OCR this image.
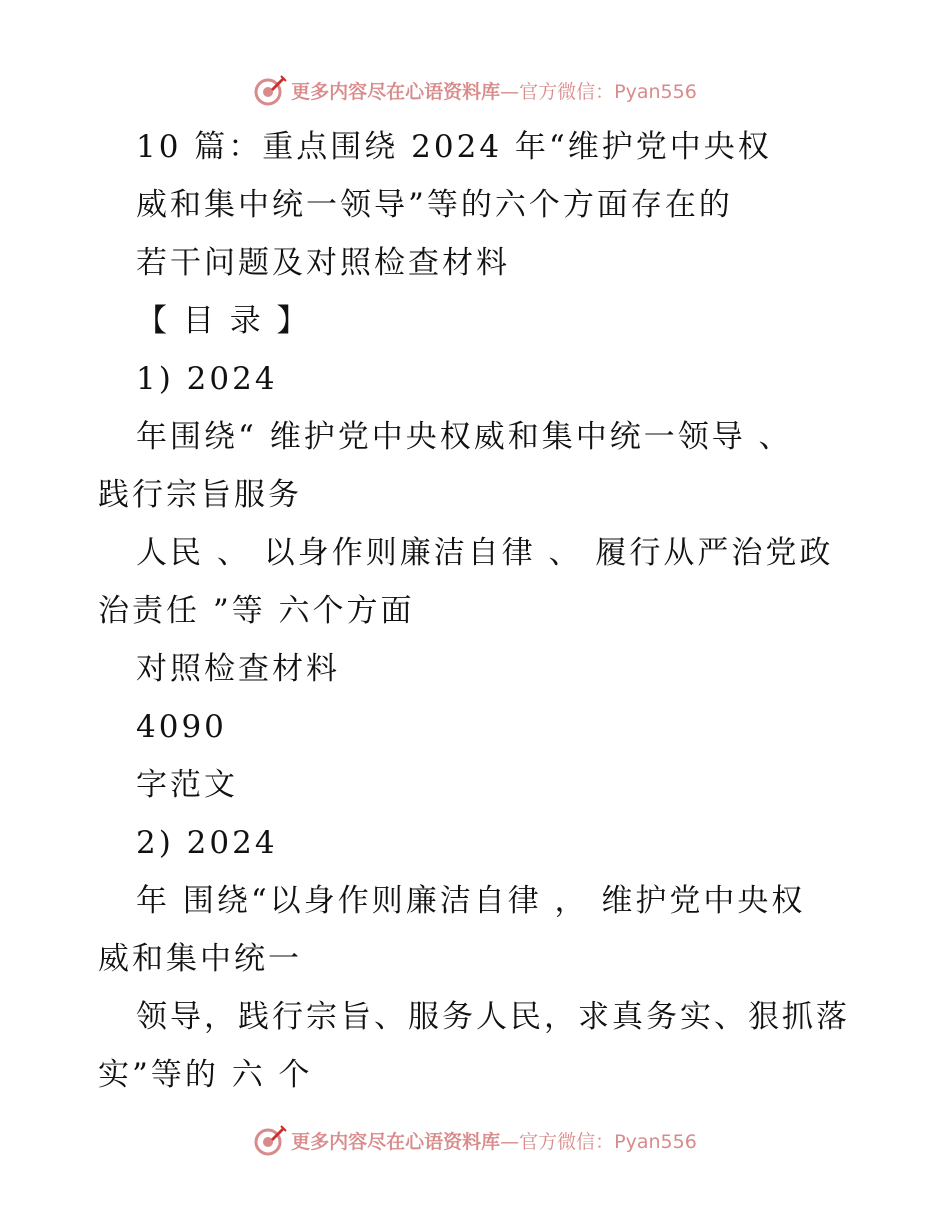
更多内容尽在心语资料库 —官方微信：Pyan556
10 篇：重点围绕 2024 年“维护党中央权
威和集中统一领导”等的六个方面存在的
若干问题及对照检查材料
【 目 录 】
1) 2024
年围绕“ 维护党中央权威和集中统一领导 、
践行宗旨服务
人民 、 以身作则廉洁自律 、 履行从严治党政
治责任 ”等 六个方面
对照检查材料
4090
字范文
2) 2024
年 围绕“以身作则廉洁自律 ， 维护党中央权
威和集中统一
领导，践行宗旨、服务人民，求真务实、狠抓落
实”等的 六 个
更多内容尽在心语资料库 —官方微信：Pyan556
